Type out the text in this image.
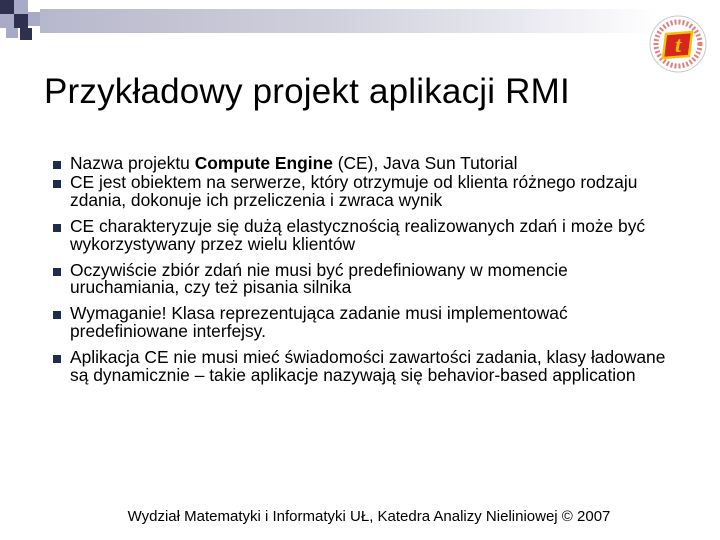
t
Przykładowy projekt aplikacji RMI
Nazwa projektu Compute Engine (CE), Java Sun Tutorial
CE jest obiektem na serwerze, który otrzymuje od klienta różnego rodzaju zdania, dokonuje ich przeliczenia i zwraca wynik
CE charakteryzuje się dużą elastycznością realizowanych zdań i może być wykorzystywany przez wielu klientów
Oczywiście zbiór zdań nie musi być predefiniowany w momencie uruchamiania, czy też pisania silnika
Wymaganie! Klasa reprezentująca zadanie musi implementować predefiniowane interfejsy.
Aplikacja CE nie musi mieć świadomości zawartości zadania, klasy ładowane są dynamicznie – takie aplikacje nazywają się behavior-based application
Wydział Matematyki i Informatyki UŁ, Katedra Analizy Nieliniowej © 2007
